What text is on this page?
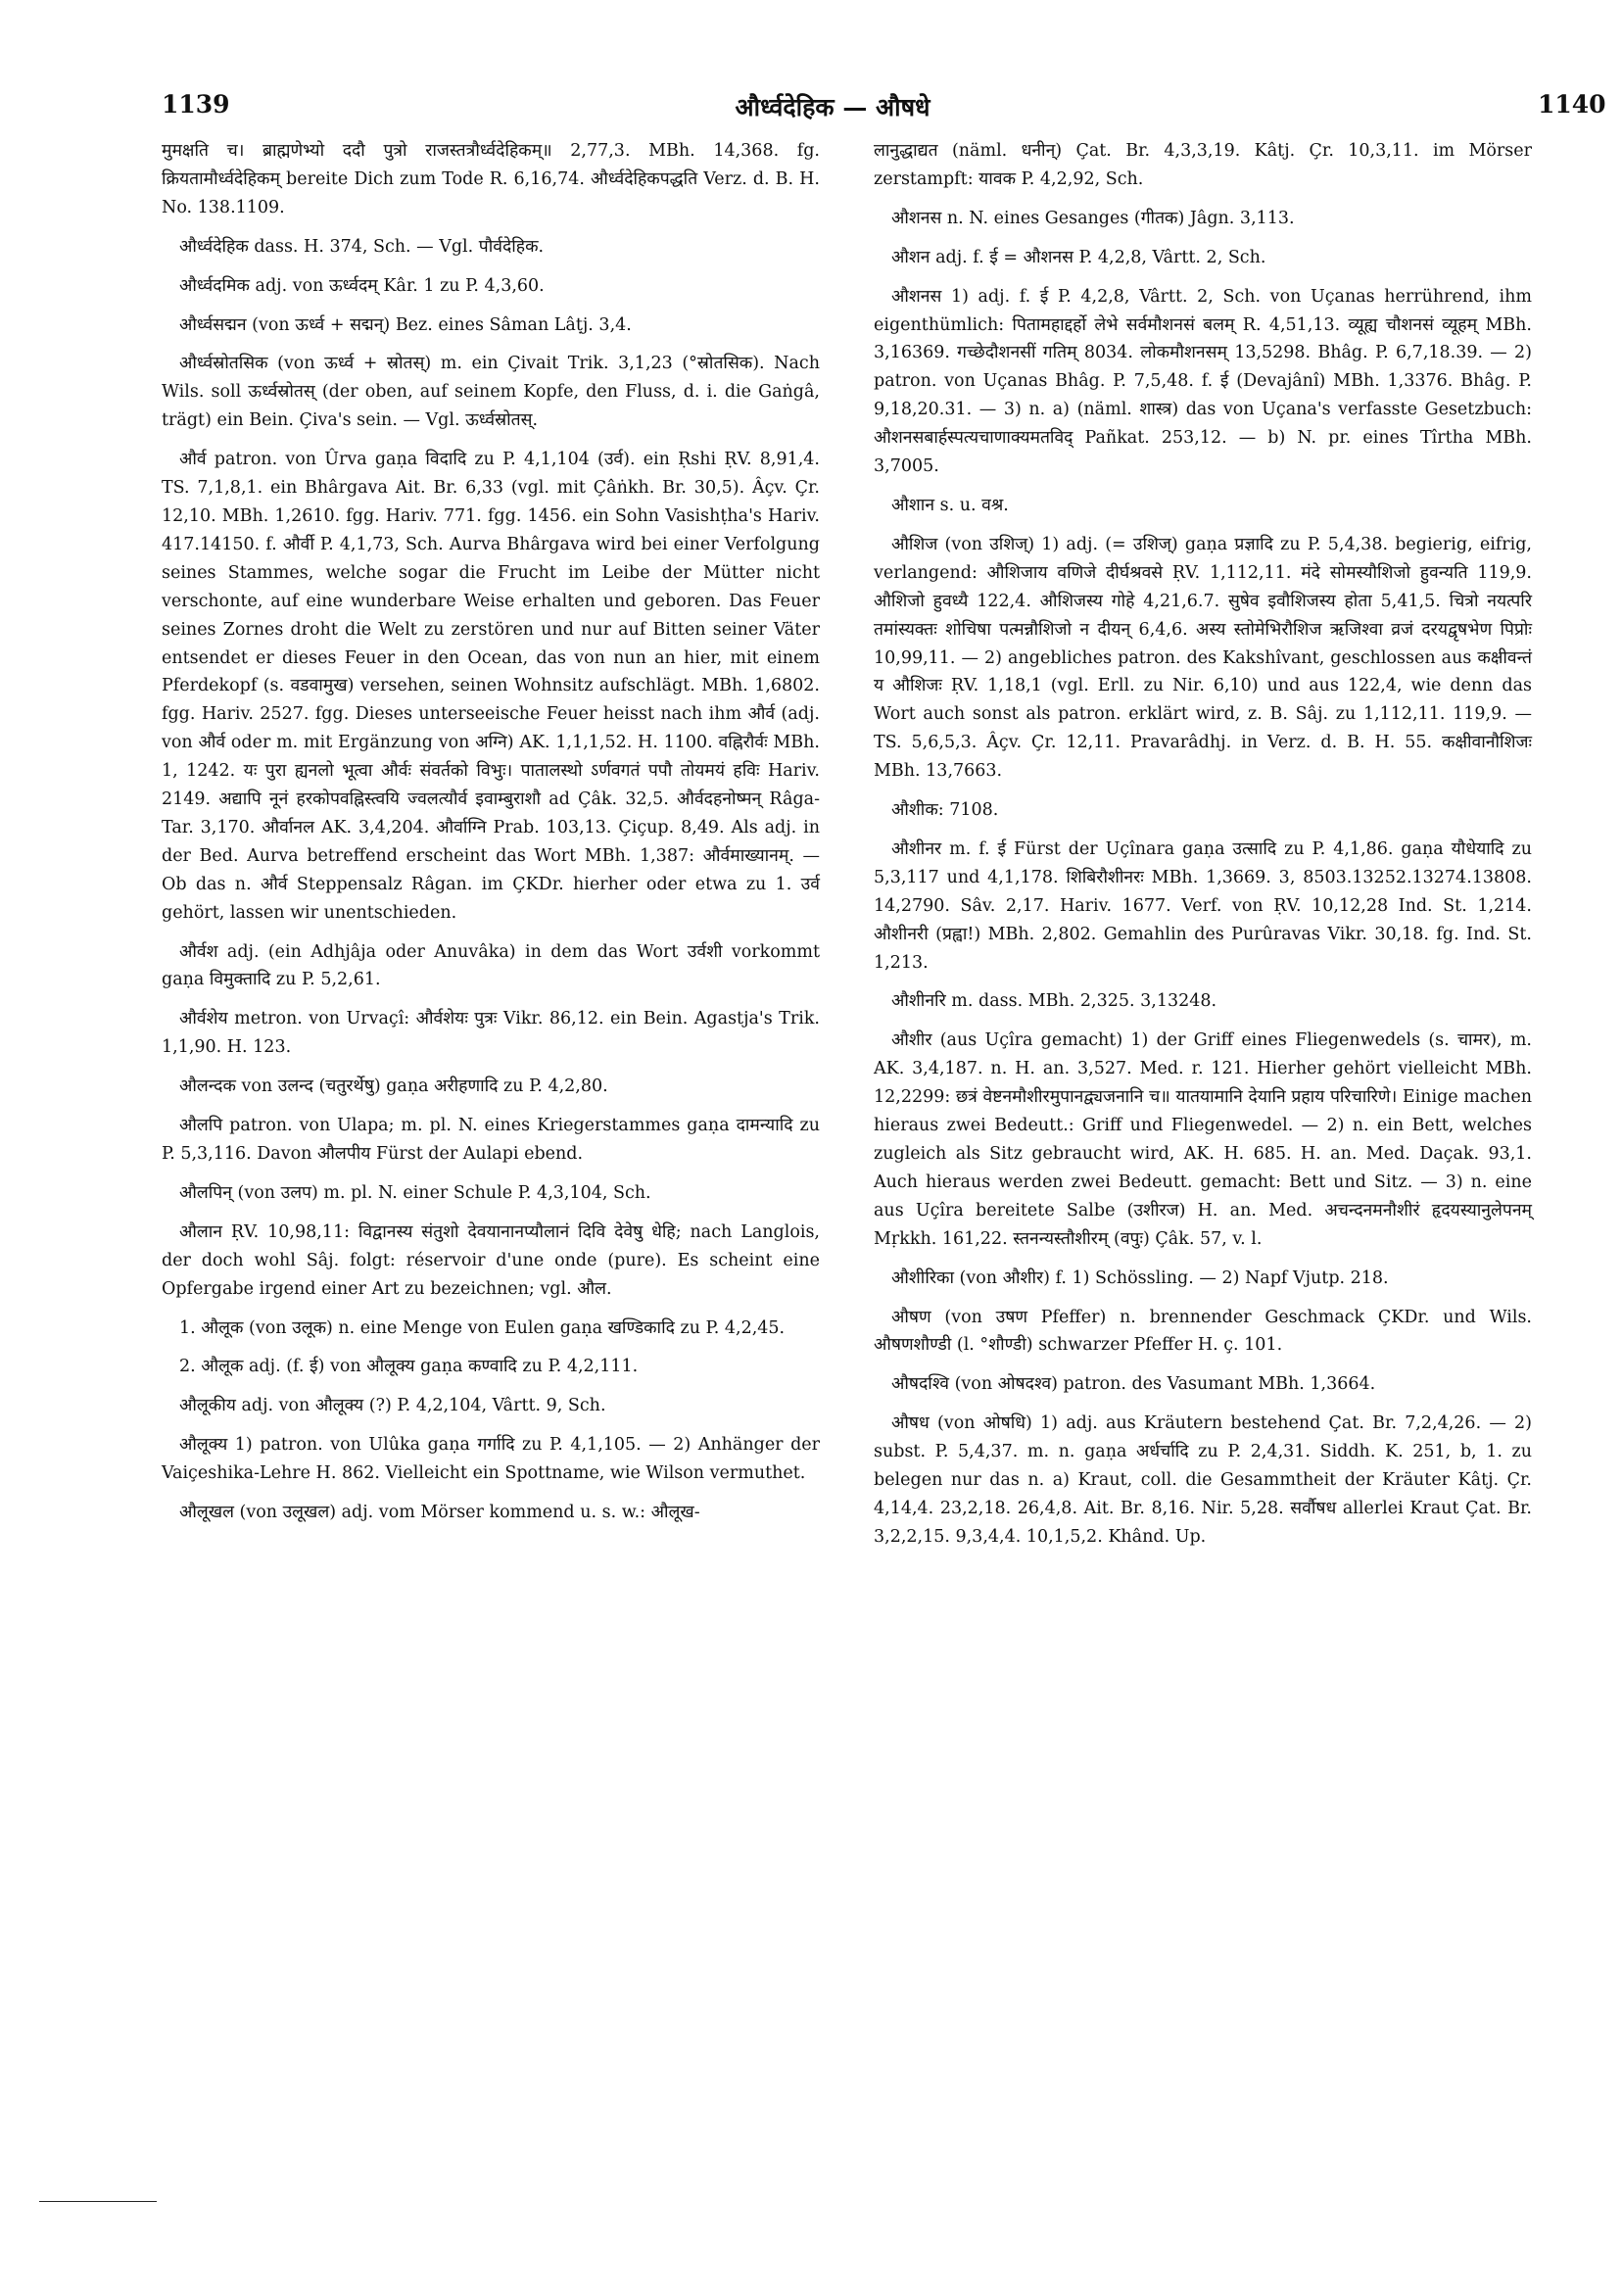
1139	और्ध्वदेहिक — औषधे	1140

मुमक्षति च। ब्राह्मणेभ्यो ददौ पुत्रो राजस्तत्रौर्ध्वदेहिकम्॥ 2,77,3. MBh. 14,368. fg. क्रियतामौर्ध्वदेहिकम् bereite Dich zum Tode R. 6,16,74. और्ध्वदेहिकपद्धति Verz. d. B. H. No. 138.1109.

और्ध्वदेहिक dass. H. 374, Sch. — Vgl. पौर्वदेहिक.

और्ध्वदमिक adj. von ऊर्ध्वदम् Kâr. 1 zu P. 4,3,60.

और्ध्वसद्मन (von ऊर्ध्व + सद्मन्) Bez. eines Sâman Lâṭj. 3,4.

और्ध्वस्रोतसिक (von ऊर्ध्व + स्रोतस्) m. ein Çivait Trik. 3,1,23 (°स्रोतसिक). Nach Wils. soll ऊर्ध्वस्रोतस् (der oben, auf seinem Kopfe, den Fluss, d. i. die Gaṅgâ, trägt) ein Bein. Çiva's sein. — Vgl. ऊर्ध्वस्रोतस्.

और्व patron. von Ûrva gaṇa विदादि zu P. 4,1,104 (उर्व). ein Ṛshi ṚV. 8,91,4. TS. 7,1,8,1. ein Bhârgava Ait. Br. 6,33 (vgl. mit Çâṅkh. Br. 30,5). Âçv. Çr. 12,10. MBh. 1,2610. fgg. Hariv. 771. fgg. 1456. ein Sohn Vasishṭha's Hariv. 417.14150. f. और्वी P. 4,1,73, Sch. Aurva Bhârgava wird bei einer Verfolgung seines Stammes, welche sogar die Frucht im Leibe der Mütter nicht verschonte, auf eine wunderbare Weise erhalten und geboren. Das Feuer seines Zornes droht die Welt zu zerstören und nur auf Bitten seiner Väter entsendet er dieses Feuer in den Ocean, das von nun an hier, mit einem Pferdekopf (s. वडवामुख) versehen, seinen Wohnsitz aufschlägt. MBh. 1,6802. fgg. Hariv. 2527. fgg. Dieses unterseeische Feuer heisst nach ihm और्व (adj. von और्व oder m. mit Ergänzung von अग्नि) AK. 1,1,1,52. H. 1100. वह्निरौर्वः MBh. 1, 1242. यः पुरा ह्यनलो भूत्वा और्वः संवर्तको विभुः। पातालस्थो ऽर्णवगतं पपौ तोयमयं हविः Hariv. 2149. अद्यापि नूनं हरकोपवह्निस्त्वयि ज्वलत्यौर्व इवाम्बुराशौ ad Çâk. 32,5. और्वदहनोष्मन् Râga-Tar. 3,170. और्वानल AK. 3,4,204. और्वाग्नि Prab. 103,13. Çiçup. 8,49. Als adj. in der Bed. Aurva betreffend erscheint das Wort MBh. 1,387: और्वमाख्यानम्. — Ob das n. और्व Steppensalz Râgan. im ÇKDr. hierher oder etwa zu 1. उर्व gehört, lassen wir unentschieden.

और्वश adj. (ein Adhjâja oder Anuvâka) in dem das Wort उर्वशी vorkommt gaṇa विमुक्तादि zu P. 5,2,61.

और्वशेय metron. von Urvaçî: और्वशेयः पुत्रः Vikr. 86,12. ein Bein. Agastja's Trik. 1,1,90. H. 123.

औलन्दक von उलन्द (चतुरर्थेषु) gaṇa अरीहणादि zu P. 4,2,80.

औलपि patron. von Ulapa; m. pl. N. eines Kriegerstammes gaṇa दामन्यादि zu P. 5,3,116. Davon औलपीय Fürst der Aulapi ebend.

औलपिन् (von उलप) m. pl. N. einer Schule P. 4,3,104, Sch.

औलान ṚV. 10,98,11: विद्वानस्य संतुशो देवयानानप्यौलानं दिवि देवेषु धेहि; nach Langlois, der doch wohl Sâj. folgt: réservoir d'une onde (pure). Es scheint eine Opfergabe irgend einer Art zu bezeichnen; vgl. औल.

1. औलूक (von उलूक) n. eine Menge von Eulen gaṇa खण्डिकादि zu P. 4,2,45.

2. औलूक adj. (f. ई) von औलूक्य gaṇa कण्वादि zu P. 4,2,111.

औलूकीय adj. von औलूक्य (?) P. 4,2,104, Vârtt. 9, Sch.

औलूक्य 1) patron. von Ulûka gaṇa गर्गादि zu P. 4,1,105. — 2) Anhänger der Vaiçeshika-Lehre H. 862. Vielleicht ein Spottname, wie Wilson vermuthet.

औलूखल (von उलूखल) adj. vom Mörser kommend u. s. w.: औलूख-

लानुद्धाद्यत (näml. धनीन्) Çat. Br. 4,3,3,19. Kâtj. Çr. 10,3,11. im Mörser zerstampft: यावक P. 4,2,92, Sch.

औशनस n. N. eines Gesanges (गीतक) Jâgn. 3,113.

औशन adj. f. ई = औशनस P. 4,2,8, Vârtt. 2, Sch.

औशनस 1) adj. f. ई P. 4,2,8, Vârtt. 2, Sch. von Uçanas herrührend, ihm eigenthümlich: पितामहाद्दर्हो लेभे सर्वमौशनसं बलम् R. 4,51,13. व्यूह्य चौशनसं व्यूहम् MBh. 3,16369. गच्छेदौशनसीं गतिम् 8034. लोकमौशनसम् 13,5298. Bhâg. P. 6,7,18.39. — 2) patron. von Uçanas Bhâg. P. 7,5,48. f. ई (Devajânî) MBh. 1,3376. Bhâg. P. 9,18,20.31. — 3) n. a) (näml. शास्त्र) das von Uçana's verfasste Gesetzbuch: औशनसबार्हस्पत्यचाणाक्यमतविद् Pañkat. 253,12. — b) N. pr. eines Tîrtha MBh. 3,7005.

औशान s. u. वश्र.

औशिज (von उशिज्) 1) adj. (= उशिज्) gaṇa प्रज्ञादि zu P. 5,4,38. begierig, eifrig, verlangend: औशिजाय वणिजे दीर्घश्रवसे ṚV. 1,112,11. मंदे सोमस्यौशिजो हुवन्यति 119,9. औशिजो हुवध्यै 122,4. औशिजस्य गोहे 4,21,6.7. सुषेव इवौशिजस्य होता 5,41,5. चित्रो नयत्परि तमांस्यक्तः शोचिषा पत्मन्नौशिजो न दीयन् 6,4,6. अस्य स्तोमेभिरौशिज ऋजिश्वा व्रजं दरयद्वृषभेण पिप्रोः 10,99,11. — 2) angebliches patron. des Kakshîvant, geschlossen aus कक्षीवन्तं य औशिजः ṚV. 1,18,1 (vgl. Erll. zu Nir. 6,10) und aus 122,4, wie denn das Wort auch sonst als patron. erklärt wird, z. B. Sâj. zu 1,112,11. 119,9. — TS. 5,6,5,3. Âçv. Çr. 12,11. Pravarâdhj. in Verz. d. B. H. 55. कक्षीवानौशिजः MBh. 13,7663.

औशीक: 7108.

औशीनर m. f. ई Fürst der Uçînara gaṇa उत्सादि zu P. 4,1,86. gaṇa यौधेयादि zu 5,3,117 und 4,1,178. शिबिरौशीनरः MBh. 1,3669. 3, 8503.13252.13274.13808. 14,2790. Sâv. 2,17. Hariv. 1677. Verf. von ṚV. 10,12,28 Ind. St. 1,214. औशीनरी (प्रह्वा!) MBh. 2,802. Gemahlin des Purûravas Vikr. 30,18. fg. Ind. St. 1,213.

औशीनरि m. dass. MBh. 2,325. 3,13248.

औशीर (aus Uçîra gemacht) 1) der Griff eines Fliegenwedels (s. चामर), m. AK. 3,4,187. n. H. an. 3,527. Med. r. 121. Hierher gehört vielleicht MBh. 12,2299: छत्रं वेष्टनमौशीरमुपानद्व्यजनानि च॥ यातयामानि देयानि प्रहाय परिचारिणे। Einige machen hieraus zwei Bedeutt.: Griff und Fliegenwedel. — 2) n. ein Bett, welches zugleich als Sitz gebraucht wird, AK. H. 685. H. an. Med. Daçak. 93,1. Auch hieraus werden zwei Bedeutt. gemacht: Bett und Sitz. — 3) n. eine aus Uçîra bereitete Salbe (उशीरज) H. an. Med. अचन्दनमनौशीरं हृदयस्यानुलेपनम् Mṛkkh. 161,22. स्तनन्यस्तौशीरम् (वपुः) Çâk. 57, v. l.

औशीरिका (von औशीर) f. 1) Schössling. — 2) Napf Vjutp. 218.

औषण (von उषण Pfeffer) n. brennender Geschmack ÇKDr. und Wils. औषणशौण्डी (l. °शौण्डी) schwarzer Pfeffer H. ç. 101.

औषदश्वि (von ओषदश्व) patron. des Vasumant MBh. 1,3664.

औषध (von ओषधि) 1) adj. aus Kräutern bestehend Çat. Br. 7,2,4,26. — 2) subst. P. 5,4,37. m. n. gaṇa अर्धर्चादि zu P. 2,4,31. Siddh. K. 251, b, 1. zu belegen nur das n. a) Kraut, coll. die Gesammtheit der Kräuter Kâtj. Çr. 4,14,4. 23,2,18. 26,4,8. Ait. Br. 8,16. Nir. 5,28. सर्वौषध allerlei Kraut Çat. Br. 3,2,2,15. 9,3,4,4. 10,1,5,2. Khând. Up.
